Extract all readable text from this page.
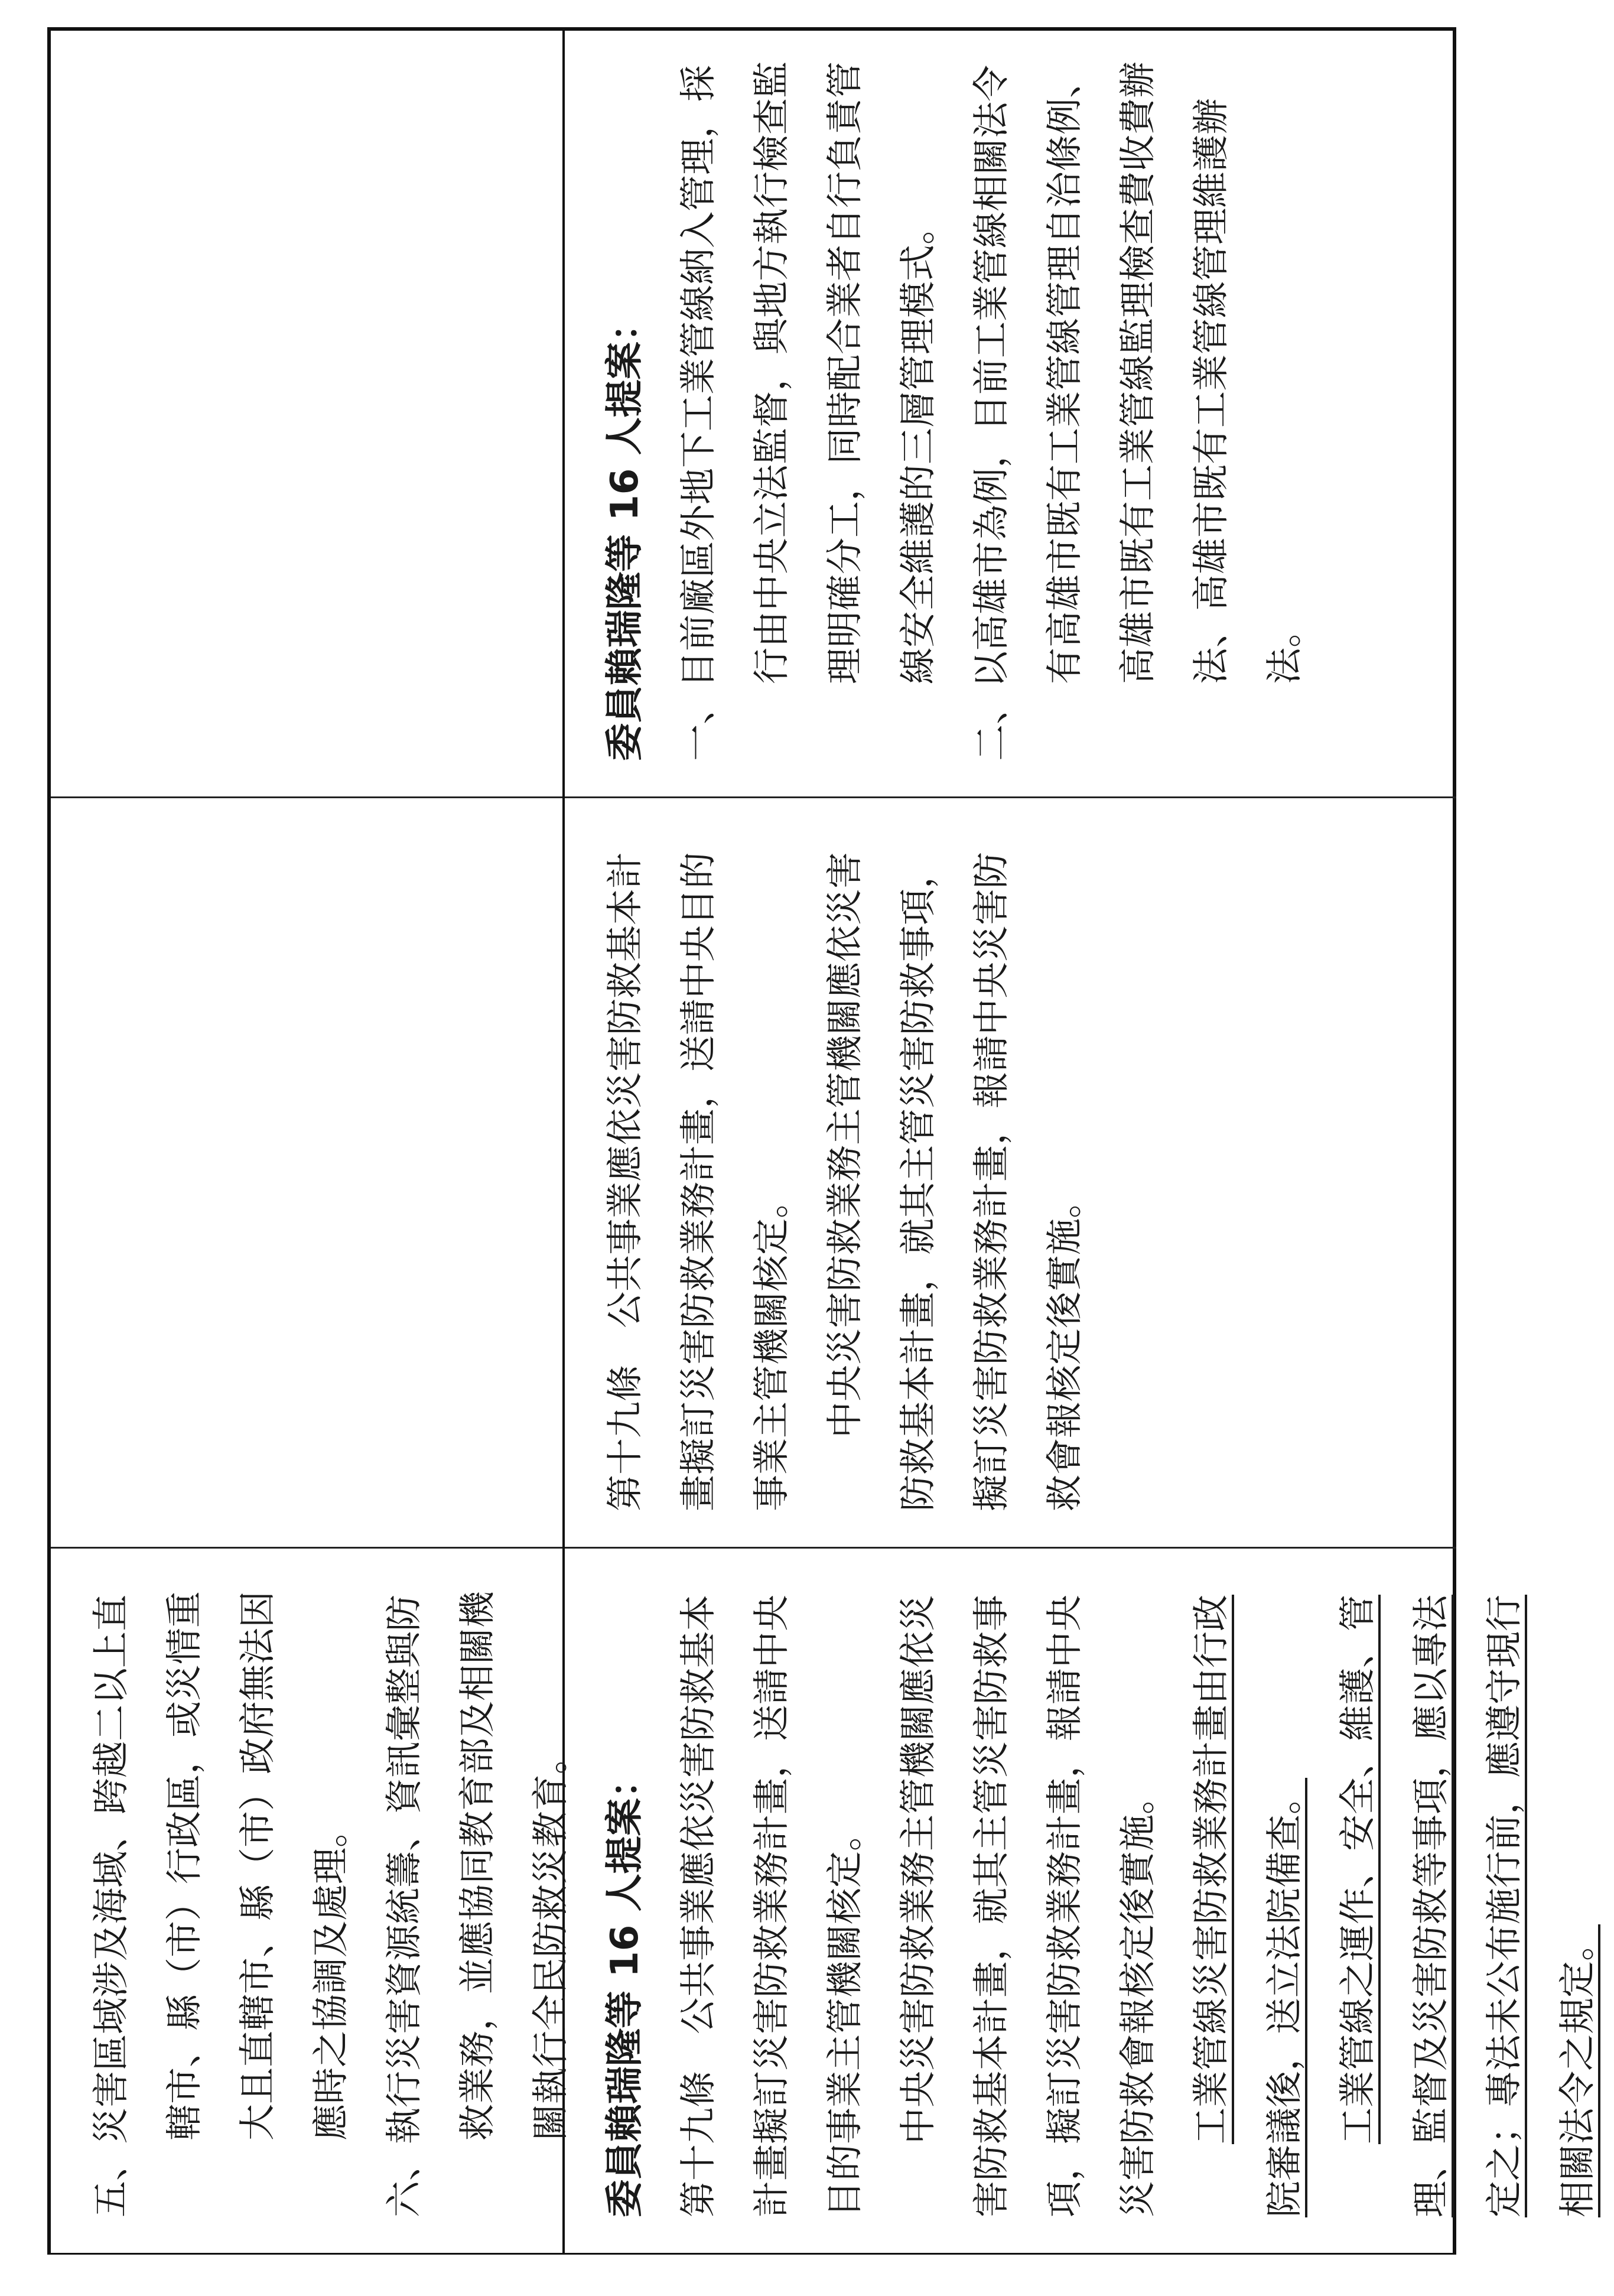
五、災害區域涉及海域、跨越二以上直轄市、縣（市）行政區，或災情重大且直轄市、縣（市）政府無法因應時之協調及處理。 六、執行災害資源統籌、資訊彙整與防救業務，並應協同教育部及相關機關執行全民防救災教育。 委員賴瑞隆等 16 人提案： 第十九條　公共事業應依災害防救基本計畫擬訂災害防救業務計畫，送請中央目的事業主管機關核定。 中央災害防救業務主管機關應依災害防救基本計畫，就其主管災害防救事項，擬訂災害防救業務計畫，報請中央災害防救會報核定後實施。 工業管線災害防救業務計畫由行政院審議後，送立法院備查。 工業管線之運作、安全、維護、管理、監督及災害防救等事項，應以專法定之；專法未公布施行前，應遵守現行相關法令之規定。

第十九條　公共事業應依災害防救基本計畫擬訂災害防救業務計畫，送請中央目的事業主管機關核定。 中央災害防救業務主管機關應依災害防救基本計畫，就其主管災害防救事項，擬訂災害防救業務計畫，報請中央災害防救會報核定後實施。

委員賴瑞隆等 16 人提案： 一、目前廠區外地下工業管線納入管理，採行由中央立法監督，與地方執行檢查監理明確分工，同時配合業者自行負責管線安全維護的三層管理模式。 二、以高雄市為例，目前工業管線相關法令有高雄市既有工業管線管理自治條例、高雄市既有工業管線監理檢查費收費辦法、高雄市既有工業管線管理維護辦法。
